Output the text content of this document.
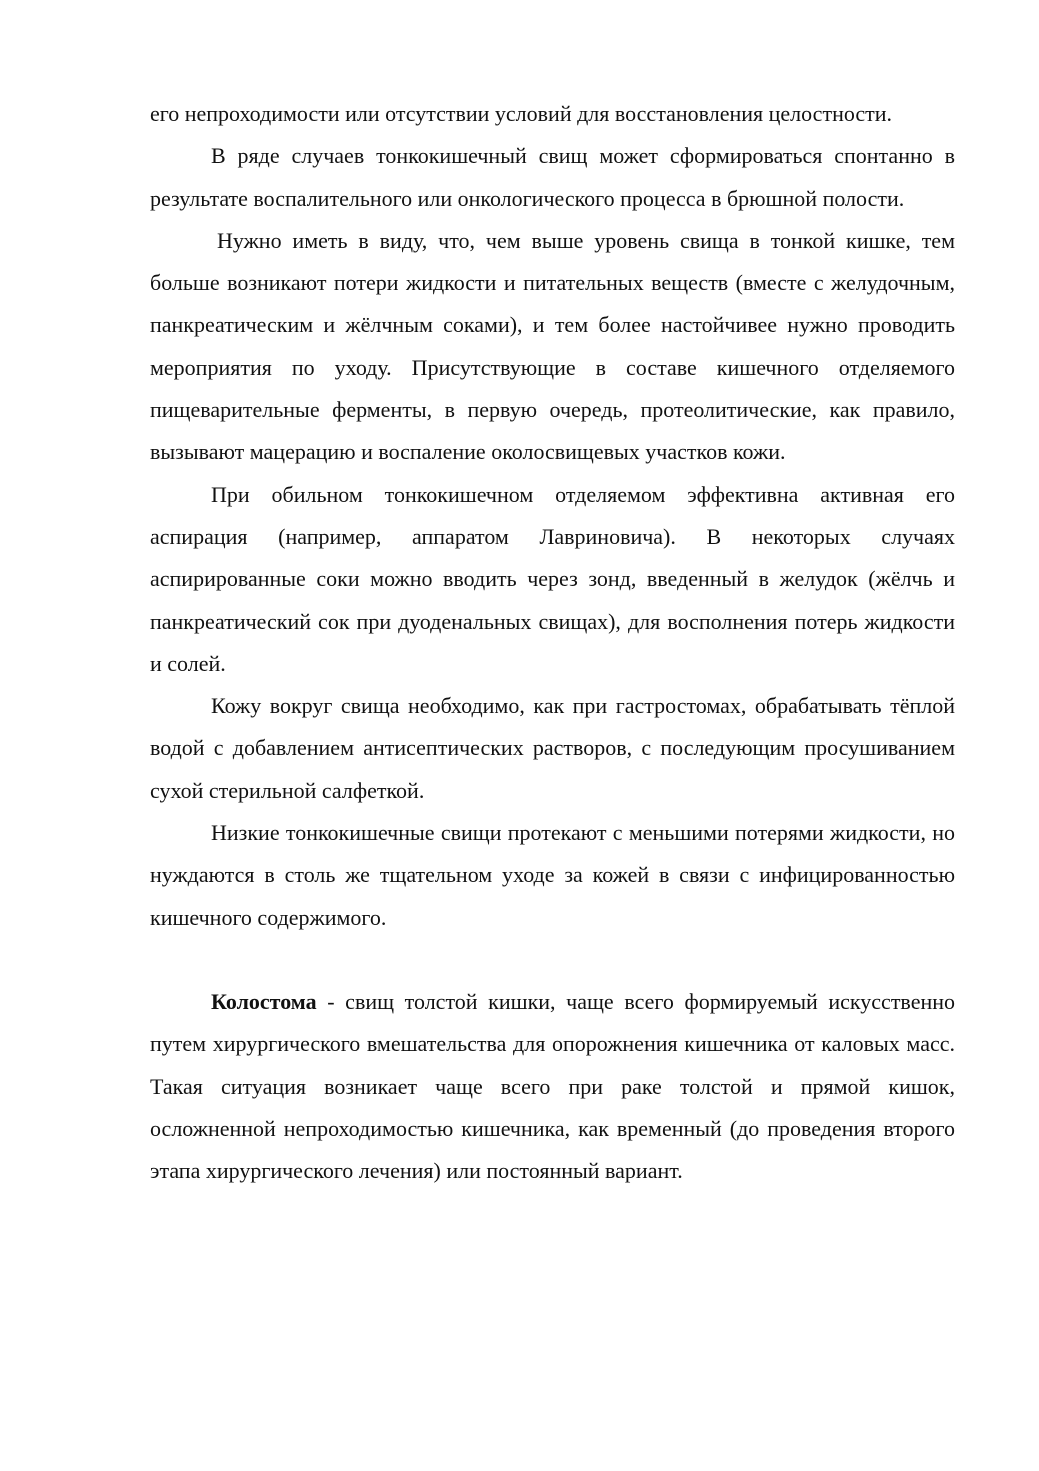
его непроходимости или отсутствии условий для восстановления целостности.

В ряде случаев тонкокишечный свищ может сформироваться спонтанно в результате воспалительного или онкологического процесса в брюшной полости.

Нужно иметь в виду, что, чем выше уровень свища в тонкой кишке, тем больше возникают потери жидкости и питательных веществ (вместе с желудочным, панкреатическим и жёлчным соками), и тем более настойчивее нужно проводить мероприятия по уходу. Присутствующие в составе кишечного отделяемого пищеварительные ферменты, в первую очередь, протеолитические, как правило, вызывают мацерацию и воспаление околосвищевых участков кожи.

При обильном тонкокишечном отделяемом эффективна активная его аспирация (например, аппаратом Лавриновича). В некоторых случаях аспирированные соки можно вводить через зонд, введенный в желудок (жёлчь и панкреатический сок при дуоденальных свищах), для восполнения потерь жидкости и солей.

Кожу вокруг свища необходимо, как при гастростомах, обрабатывать тёплой водой с добавлением антисептических растворов, с последующим просушиванием сухой стерильной салфеткой.

Низкие тонкокишечные свищи протекают с меньшими потерями жидкости, но нуждаются в столь же тщательном уходе за кожей в связи с инфицированностью кишечного содержимого.

Колостома - свищ толстой кишки, чаще всего формируемый искусственно путем хирургического вмешательства для опорожнения кишечника от каловых масс. Такая ситуация возникает чаще всего при раке толстой и прямой кишок, осложненной непроходимостью кишечника, как временный (до проведения второго этапа хирургического лечения) или постоянный вариант.
